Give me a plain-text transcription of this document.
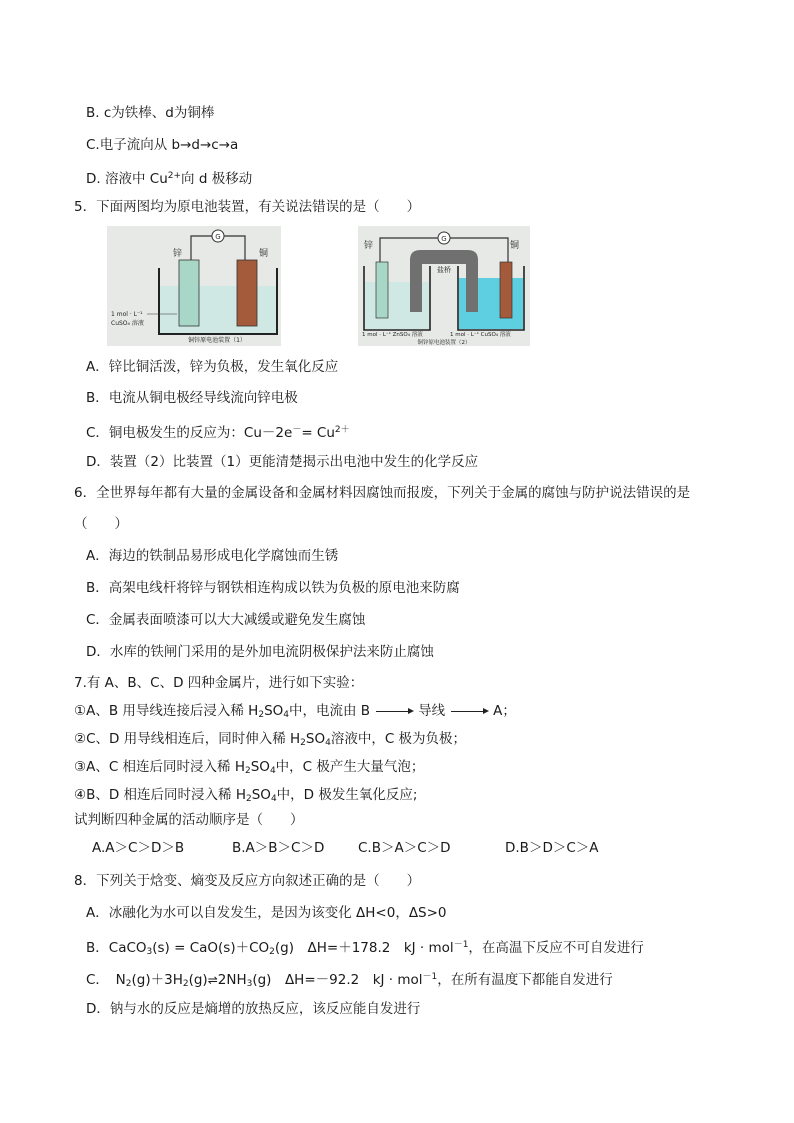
B. c为铁棒、d为铜棒
C.电子流向从 b→d→c→a
D. 溶液中 $Cu^{2+}$向 d 极移动
5．下面两图均为原电池装置，有关说法错误的是（　　）
G
锌	铜
1 mol · L⁻¹
CuSO₄ 溶液
铜锌原电池装置（1）
G
锌	铜
盐桥
1 mol · L⁻¹ ZnSO₄ 溶液	1 mol · L⁻¹ CuSO₄ 溶液
铜锌原电池装置（2）
A．锌比铜活泼，锌为负极，发生氧化反应
B．电流从铜电极经导线流向锌电极
C．铜电极发生的反应为：$Cu-2e^-= Cu^{2+}$
D．装置（2）比装置（1）更能清楚揭示出电池中发生的化学反应
6．全世界每年都有大量的金属设备和金属材料因腐蚀而报废，下列关于金属的腐蚀与防护说法错误的是
（　　）
A．海边的铁制品易形成电化学腐蚀而生锈
B．高架电线杆将锌与钢铁相连构成以铁为负极的原电池来防腐
C．金属表面喷漆可以大大减缓或避免发生腐蚀
D．水库的铁闸门采用的是外加电流阴极保护法来防止腐蚀
7.有 A、B、C、D 四种金属片，进行如下实验：
①A、B 用导线连接后浸入稀 $H_2SO_4$中，电流由 B	导线	A；
②C、D 用导线相连后，同时伸入稀 $H_2SO_4$溶液中，C 极为负极；
③A、C 相连后同时浸入稀 $H_2SO_4$中，C 极产生大量气泡；
④B、D 相连后同时浸入稀 $H_2SO_4$中，D 极发生氧化反应;
试判断四种金属的活动顺序是（　　）
A.A＞C＞D＞B	B.A＞B＞C＞D C.B＞A＞C＞D	D.B＞D＞C＞A
8．下列关于焓变、熵变及反应方向叙述正确的是（　　）
A．冰融化为水可以自发发生，是因为该变化 ΔH<0，ΔS>0
B．CaCO$_3$(s) = $CaO(s)+CO_2(g)$　ΔH=＋178.2　kJ · mol$^{-1}$，在高温下反应不可自发进行
C．　$N_2(g)+3H_2(g)\rightleftharpoons 2NH_3(g)$　ΔH=－92.2　kJ · mol$^{-1}$，在所有温度下都能自发进行
D．钠与水的反应是熵增的放热反应，该反应能自发进行
